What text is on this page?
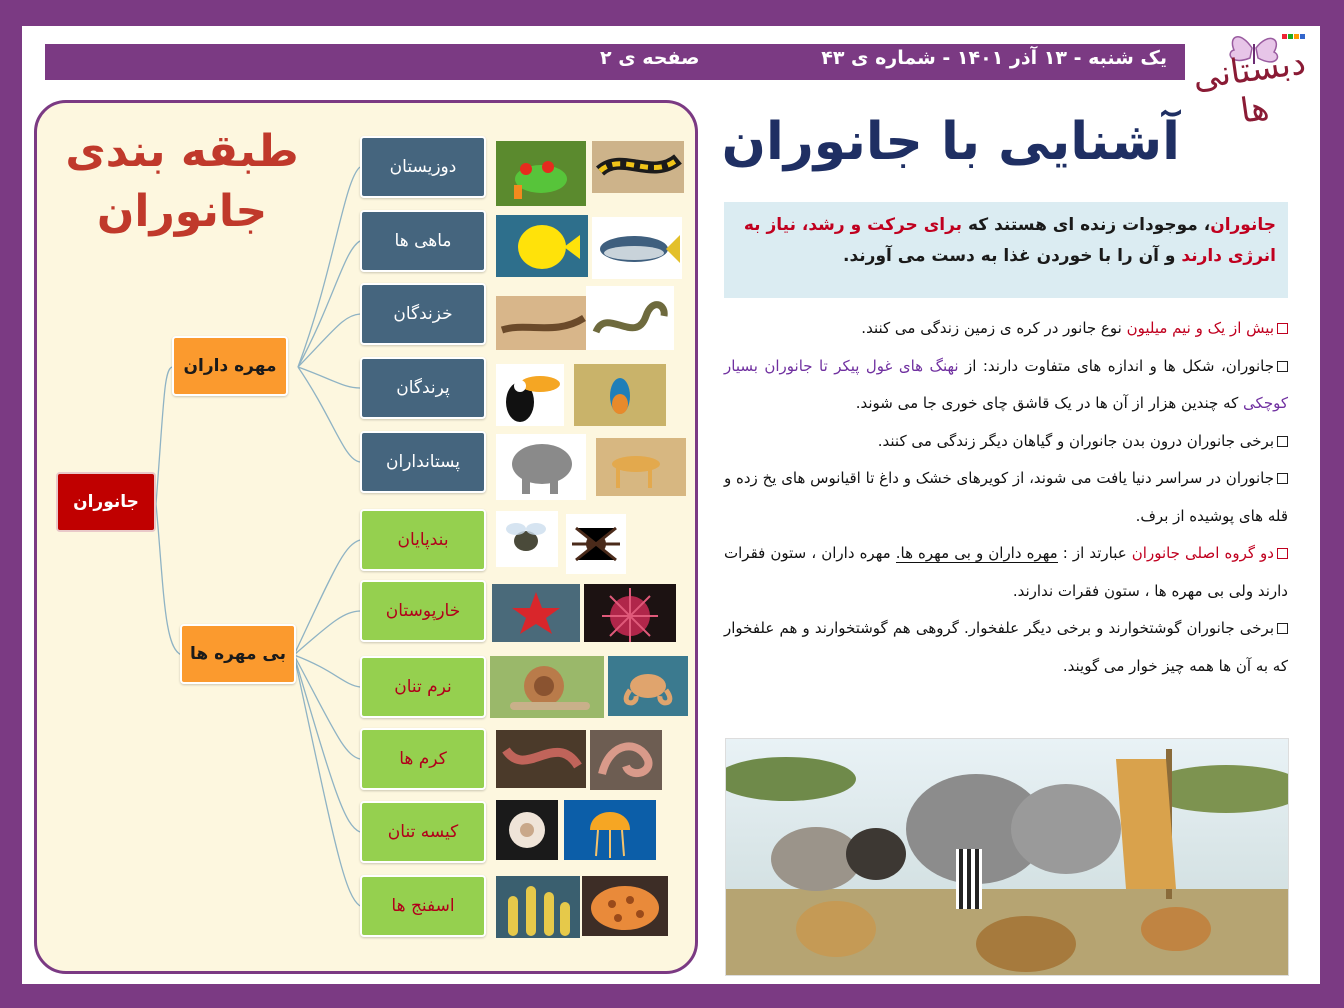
یک شنبه - ۱۳ آذر ۱۴۰۱ - شماره ی ۴۳
صفحه ی ۲	دبستانی ها
آشنایی با جانوران
جانوران، موجودات زنده ای هستند که برای حرکت و رشد، نیاز به انرژی دارند و آن را با خوردن غذا به دست می آورند.

بیش از یک و نیم میلیون نوع جانور در کره ی زمین زندگی می کنند.

جانوران، شکل ها و اندازه های متفاوت دارند: از نهنگ های غول پیکر تا جانوران بسیار کوچکی که چندین هزار از آن ها در یک قاشق چای خوری جا می شوند.

برخی جانوران درون بدن جانوران و گیاهان دیگر زندگی می کنند.

جانوران در سراسر دنیا یافت می شوند، از کویرهای خشک و داغ تا اقیانوس های یخ زده و قله های پوشیده از برف.

دو گروه اصلی جانوران عبارتد از : مهره داران و بی مهره ها. مهره داران ، ستون فقرات دارند ولی بی مهره ها ، ستون فقرات ندارند.

برخی جانوران گوشتخوارند و برخی دیگر علفخوار. گروهی هم گوشتخوارند و هم علفخوار که به آن ها همه چیز خوار می گویند.

طبقه بندی
جانوران
جانوران
مهره داران
بی مهره ها
دوزیستان
ماهی ها
خزندگان
پرندگان
پستانداران
بندپایان
خارپوستان
نرم تنان
کرم ها
کیسه تنان
اسفنج ها
